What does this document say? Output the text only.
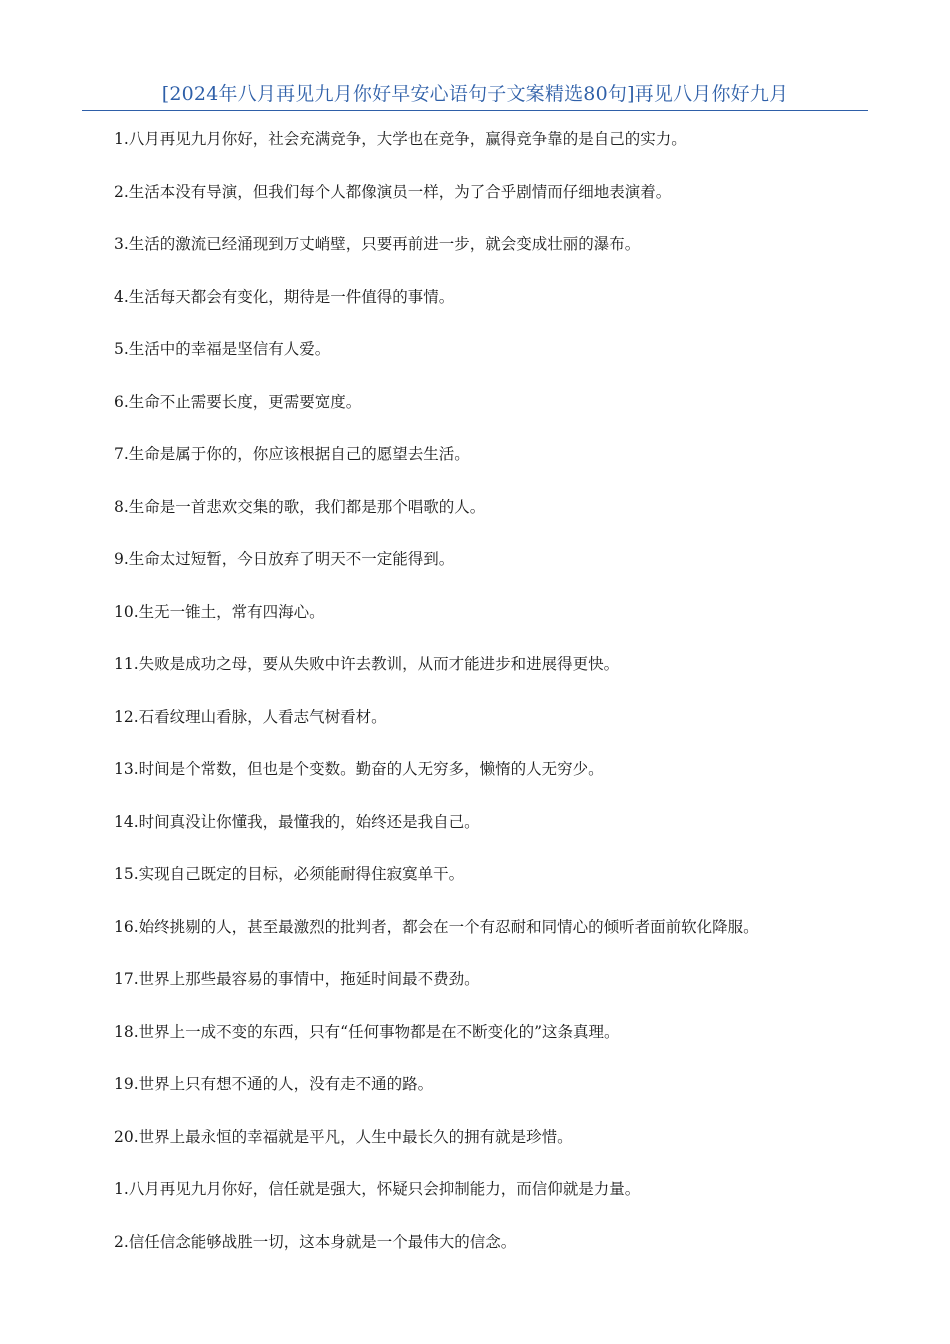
[2024年八月再见九月你好早安心语句子文案精选80句]再见八月你好九月
1.八月再见九月你好，社会充满竞争，大学也在竞争，赢得竞争靠的是自己的实力。
2.生活本没有导演，但我们每个人都像演员一样，为了合乎剧情而仔细地表演着。
3.生活的激流已经涌现到万丈峭壁，只要再前进一步，就会变成壮丽的瀑布。
4.生活每天都会有变化，期待是一件值得的事情。
5.生活中的幸福是坚信有人爱。
6.生命不止需要长度，更需要宽度。
7.生命是属于你的，你应该根据自己的愿望去生活。
8.生命是一首悲欢交集的歌，我们都是那个唱歌的人。
9.生命太过短暂，今日放弃了明天不一定能得到。
10.生无一锥土，常有四海心。
11.失败是成功之母，要从失败中许去教训，从而才能进步和进展得更快。
12.石看纹理山看脉，人看志气树看材。
13.时间是个常数，但也是个变数。勤奋的人无穷多，懒惰的人无穷少。
14.时间真没让你懂我，最懂我的，始终还是我自己。
15.实现自己既定的目标，必须能耐得住寂寞单干。
16.始终挑剔的人，甚至最激烈的批判者，都会在一个有忍耐和同情心的倾听者面前软化降服。
17.世界上那些最容易的事情中，拖延时间最不费劲。
18.世界上一成不变的东西，只有“任何事物都是在不断变化的”这条真理。
19.世界上只有想不通的人，没有走不通的路。
20.世界上最永恒的幸福就是平凡，人生中最长久的拥有就是珍惜。
1.八月再见九月你好，信任就是强大，怀疑只会抑制能力，而信仰就是力量。
2.信任信念能够战胜一切，这本身就是一个最伟大的信念。
